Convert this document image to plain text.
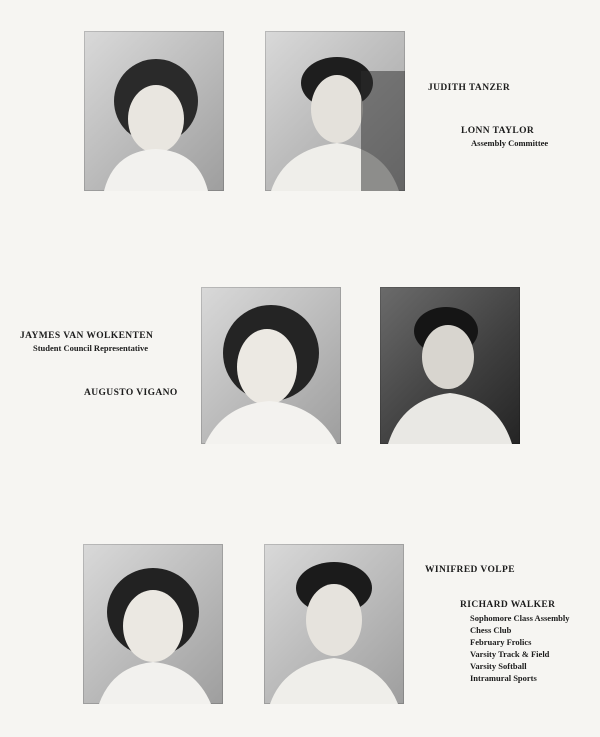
JUDITH TANZER
LONN TAYLOR
Assembly Committee
JAYMES VAN WOLKENTEN
Student Council Representative
AUGUSTO VIGANO
WINIFRED VOLPE
RICHARD WALKER
Sophomore Class Assembly
Chess Club
February Frolics
Varsity Track & Field
Varsity Softball
Intramural Sports
